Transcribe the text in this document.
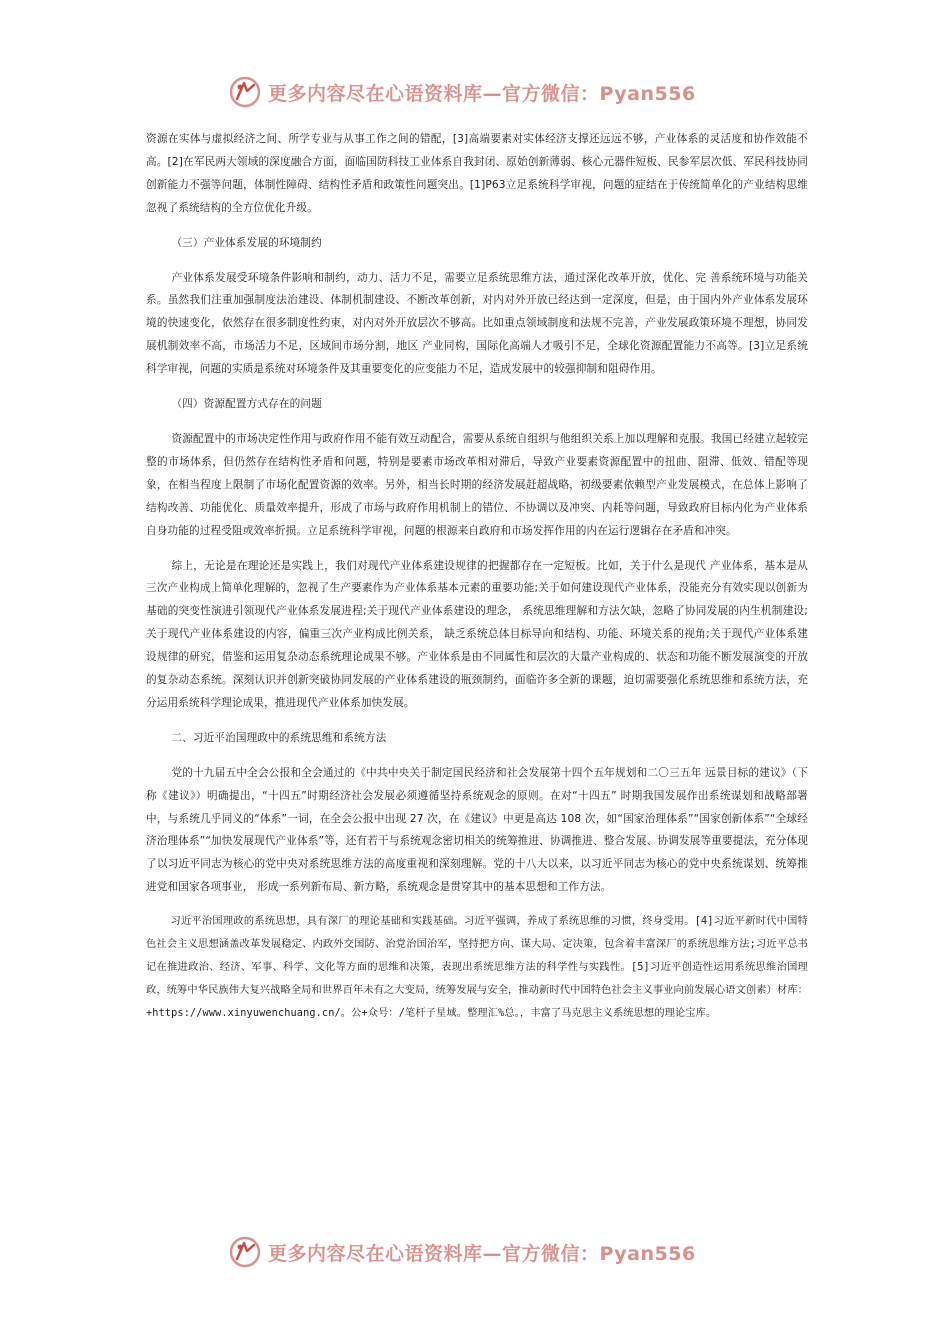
更多内容尽在心语资料库—官方微信：Pyan556

资源在实体与虚拟经济之间、所学专业与从事工作之间的错配，[3]高端要素对实体经济支撑还远远不够，产业体系的灵活度和协作效能不高。[2]在军民两大领域的深度融合方面，面临国防科技工业体系自我封闭、原始创新薄弱、核心元器件短板、民参军层次低、军民科技协同创新能力不强等问题，体制性障碍、结构性矛盾和政策性问题突出。[1]P63立足系统科学审视，问题的症结在于传统简单化的产业结构思维忽视了系统结构的全方位优化升级。

（三）产业体系发展的环境制约

产业体系发展受环境条件影响和制约，动力、活力不足，需要立足系统思维方法，通过深化改革开放，优化、完 善系统环境与功能关系。虽然我们注重加强制度法治建设、体制机制建设、不断改革创新，对内对外开放已经达到一定深度，但是，由于国内外产业体系发展环境的快速变化，依然存在很多制度性约束，对内对外开放层次不够高。比如重点领域制度和法规不完善，产业发展政策环境不理想，协同发展机制效率不高，市场活力不足，区域间市场分割，地区 产业同构，国际化高端人才吸引不足，全球化资源配置能力不高等。[3]立足系统科学审视，问题的实质是系统对环境条件及其重要变化的应变能力不足，造成发展中的较强抑制和阻碍作用。

（四）资源配置方式存在的问题

资源配置中的市场决定性作用与政府作用不能有效互动配合，需要从系统自组织与他组织关系上加以理解和克服。我国已经建立起较完整的市场体系，但仍然存在结构性矛盾和问题，特别是要素市场改革相对滞后，导致产业要素资源配置中的扭曲、阻滞、低效、错配等现象，在相当程度上限制了市场化配置资源的效率。另外，相当长时期的经济发展赶超战略，初级要素依赖型产业发展模式，在总体上影响了结构改善、功能优化、质量效率提升，形成了市场与政府作用机制上的错位、不协调以及冲突、内耗等问题，导致政府目标内化为产业体系自身功能的过程受阻或效率折损。立足系统科学审视，问题的根源来自政府和市场发挥作用的内在运行逻辑存在矛盾和冲突。

综上，无论是在理论还是实践上，我们对现代产业体系建设规律的把握都存在一定短板。比如，关于什么是现代 产业体系，基本是从三次产业构成上简单化理解的，忽视了生产要素作为产业体系基本元素的重要功能;关于如何建设现代产业体系，没能充分有效实现以创新为基础的突变性演进引领现代产业体系发展进程;关于现代产业体系建设的理念， 系统思维理解和方法欠缺，忽略了协同发展的内生机制建设;关于现代产业体系建设的内容，偏重三次产业构成比例关系， 缺乏系统总体目标导向和结构、功能、环境关系的视角;关于现代产业体系建设规律的研究，借鉴和运用复杂动态系统理论成果不够。产业体系是由不同属性和层次的大量产业构成的、状态和功能不断发展演变的开放的复杂动态系统。深刻认识并创新突破协同发展的产业体系建设的瓶颈制约，面临许多全新的课题，迫切需要强化系统思维和系统方法，充分运用系统科学理论成果，推进现代产业体系加快发展。

二、习近平治国理政中的系统思维和系统方法

党的十九届五中全会公报和全会通过的《中共中央关于制定国民经济和社会发展第十四个五年规划和二〇三五年 远景目标的建议》（下称《建议》）明确提出，“十四五”时期经济社会发展必须遵循坚持系统观念的原则。在对“十四五” 时期我国发展作出系统谋划和战略部署中，与系统几乎同义的“体系”一词，在全会公报中出现 27 次，在《建议》中更是高达 108 次，如“国家治理体系”“国家创新体系”“全球经济治理体系”“加快发展现代产业体系”等，还有若干与系统观念密切相关的统筹推进、协调推进、整合发展、协调发展等重要提法，充分体现了以习近平同志为核心的党中央对系统思维方法的高度重视和深刻理解。党的十八大以来，以习近平同志为核心的党中央系统谋划、统筹推进党和国家各项事业， 形成一系列新布局、新方略，系统观念是贯穿其中的基本思想和工作方法。

习近平治国理政的系统思想，具有深厂的理论基础和实践基础。习近平强调，养成了系统思维的习惯，终身受用。[4]习近平新时代中国特色社会主义思想涵盖改革发展稳定、内政外交国防、治党治国治军，坚持把方向、谋大局、定决策，包含着丰富深厂的系统思维方法;习近平总书记在推进政治、经济、军事、科学、文化等方面的思维和决策，表现出系统思维方法的科学性与实践性。[5]习近平创造性运用系统思维治国理政，统筹中华民族伟大复兴战略全局和世界百年未有之大变局，统筹发展与安全，推动新时代中国特色社会主义事业向前发展心语文创素）材库：+https://www.xinyuwenchuang.cn/。公+众号：/笔杆子星域。整理汇%总。，丰富了马克思主义系统思想的理论宝库。

更多内容尽在心语资料库—官方微信：Pyan556
